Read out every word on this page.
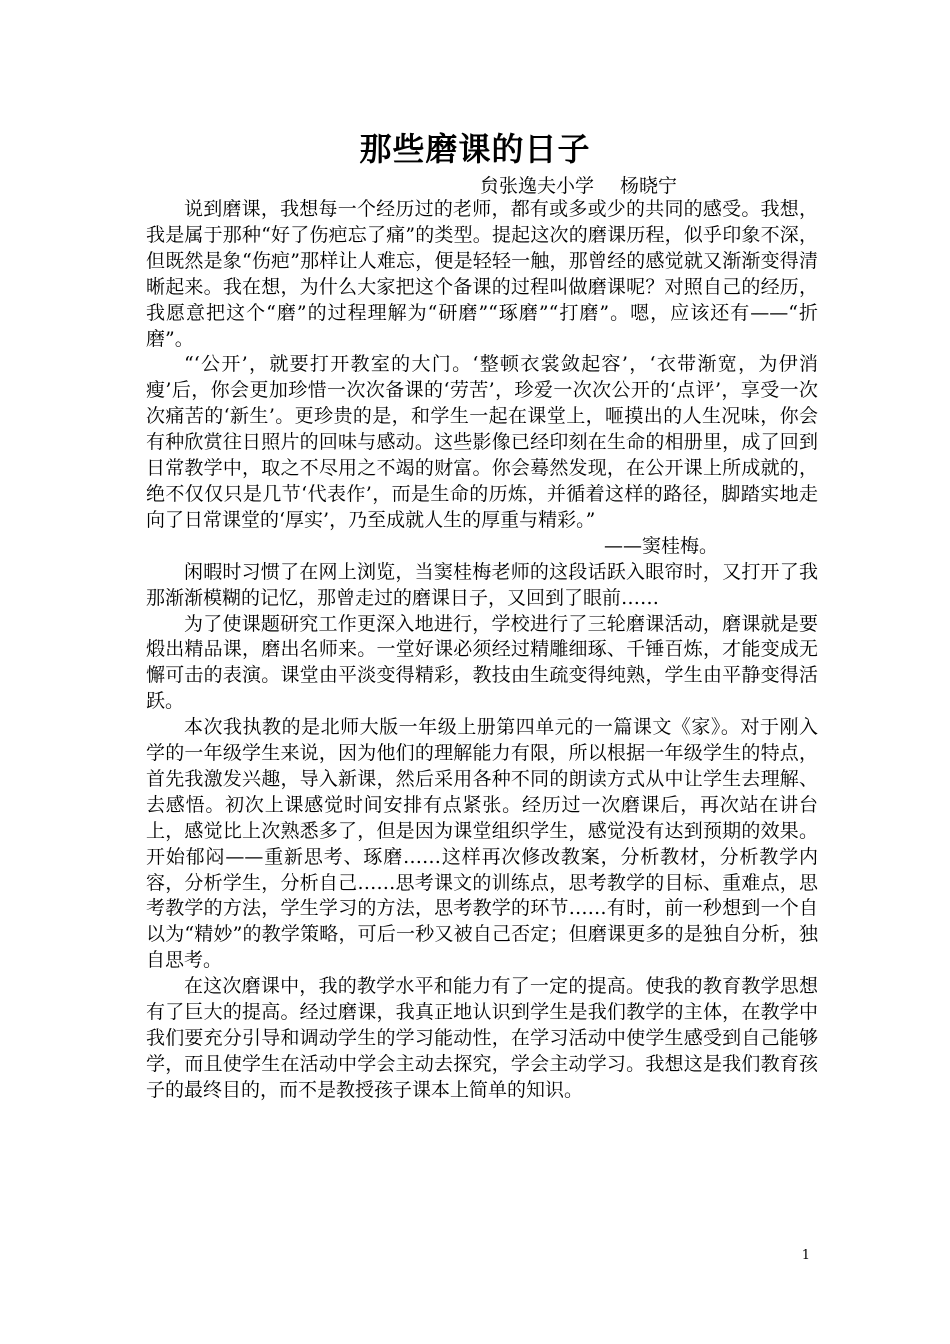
那些磨课的日子
贠张逸夫小学 杨晓宁

说到磨课，我想每一个经历过的老师，都有或多或少的共同的感受。我想，我是属于那种“好了伤疤忘了痛”的类型。提起这次的磨课历程，似乎印象不深，但既然是象“伤疤”那样让人难忘，便是轻轻一触，那曾经的感觉就又渐渐变得清晰起来。我在想，为什么大家把这个备课的过程叫做磨课呢？对照自己的经历，我愿意把这个“磨”的过程理解为“研磨”“琢磨”“打磨”。嗯，应该还有——“折磨”。

“‘公开’，就要打开教室的大门。‘整顿衣裳敛起容’，‘衣带渐宽，为伊消瘦’后，你会更加珍惜一次次备课的‘劳苦’，珍爱一次次公开的‘点评’，享受一次次痛苦的‘新生’。更珍贵的是，和学生一起在课堂上，咂摸出的人生况味，你会有种欣赏往日照片的回味与感动。这些影像已经印刻在生命的相册里，成了回到日常教学中，取之不尽用之不竭的财富。你会蓦然发现，在公开课上所成就的，绝不仅仅只是几节‘代表作’，而是生命的历炼，并循着这样的路径，脚踏实地走向了日常课堂的‘厚实’，乃至成就人生的厚重与精彩。”

——窦桂梅。

闲暇时习惯了在网上浏览，当窦桂梅老师的这段话跃入眼帘时，又打开了我那渐渐模糊的记忆，那曾走过的磨课日子，又回到了眼前……

为了使课题研究工作更深入地进行，学校进行了三轮磨课活动，磨课就是要煅出精品课，磨出名师来。一堂好课必须经过精雕细琢、千锤百炼，才能变成无懈可击的表演。课堂由平淡变得精彩，教技由生疏变得纯熟，学生由平静变得活跃。

本次我执教的是北师大版一年级上册第四单元的一篇课文《家》。对于刚入学的一年级学生来说，因为他们的理解能力有限，所以根据一年级学生的特点，首先我激发兴趣，导入新课，然后采用各种不同的朗读方式从中让学生去理解、去感悟。初次上课感觉时间安排有点紧张。经历过一次磨课后，再次站在讲台上，感觉比上次熟悉多了，但是因为课堂组织学生，感觉没有达到预期的效果。开始郁闷——重新思考、琢磨……这样再次修改教案，分析教材，分析教学内容，分析学生，分析自己……思考课文的训练点，思考教学的目标、重难点，思考教学的方法，学生学习的方法，思考教学的环节……有时，前一秒想到一个自以为“精妙”的教学策略，可后一秒又被自己否定；但磨课更多的是独自分析，独自思考。

在这次磨课中，我的教学水平和能力有了一定的提高。使我的教育教学思想有了巨大的提高。经过磨课，我真正地认识到学生是我们教学的主体，在教学中我们要充分引导和调动学生的学习能动性，在学习活动中使学生感受到自己能够学，而且使学生在活动中学会主动去探究，学会主动学习。我想这是我们教育孩子的最终目的，而不是教授孩子课本上简单的知识。

1
